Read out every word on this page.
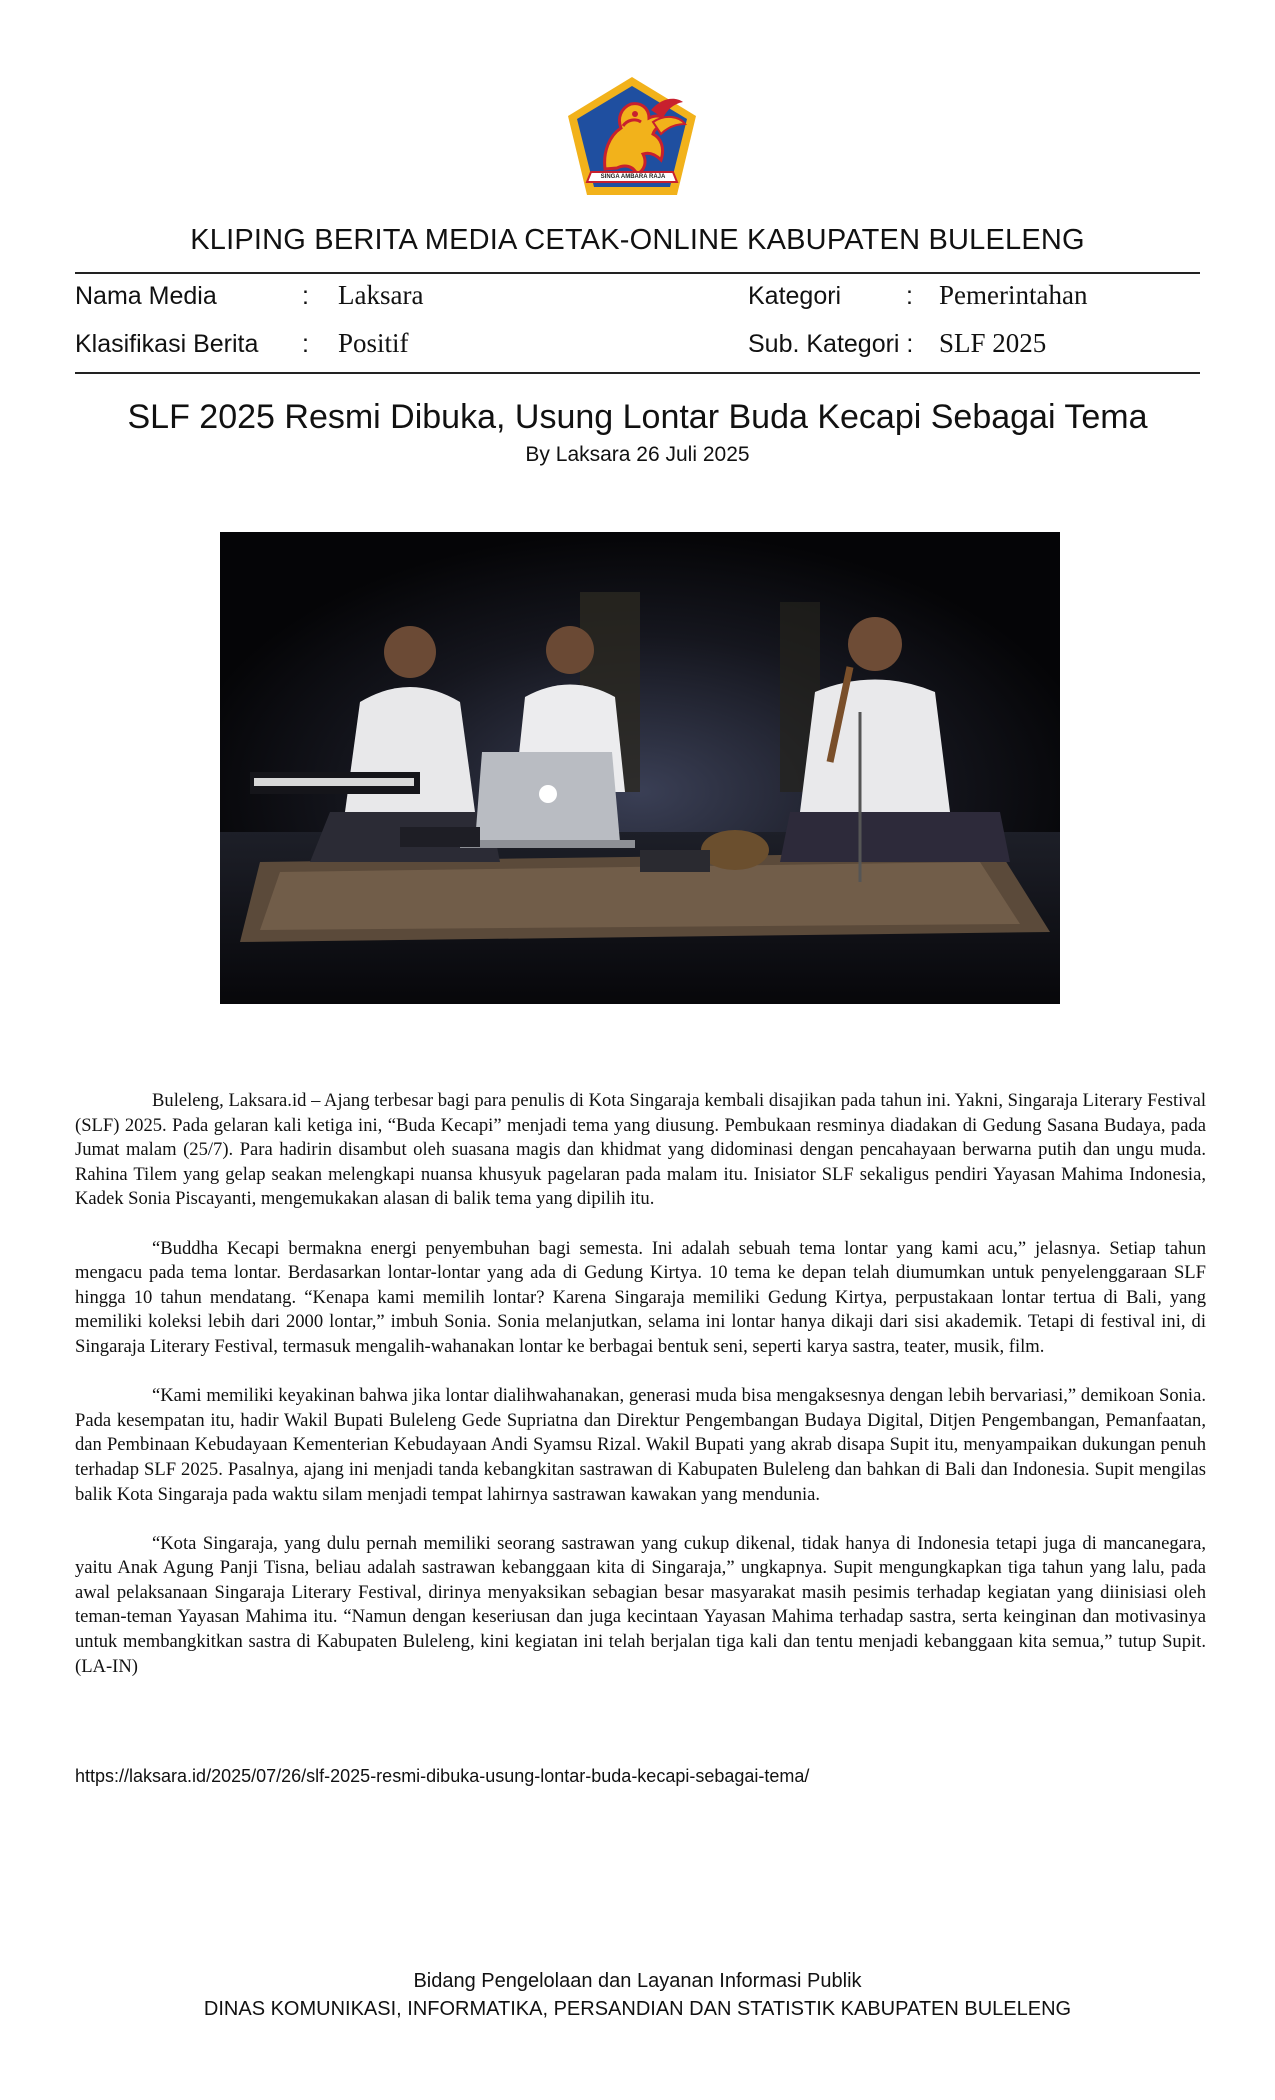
SINGA AMBARA RAJA
KLIPING BERITA MEDIA CETAK-ONLINE KABUPATEN BULELENG
Nama Media	: Laksara	Kategori	: Pemerintahan
Klasifikasi Berita : Positif	Sub. Kategori : SLF 2025
SLF 2025 Resmi Dibuka, Usung Lontar Buda Kecapi Sebagai Tema
By Laksara 26 Juli 2025

Buleleng, Laksara.id – Ajang terbesar bagi para penulis di Kota Singaraja kembali disajikan pada tahun ini. Yakni, Singaraja Literary Festival (SLF) 2025. Pada gelaran kali ketiga ini, “Buda Kecapi” menjadi tema yang diusung. Pembukaan resminya diadakan di Gedung Sasana Budaya, pada Jumat malam (25/7). Para hadirin disambut oleh suasana magis dan khidmat yang didominasi dengan pencahayaan berwarna putih dan ungu muda. Rahina Tilem yang gelap seakan melengkapi nuansa khusyuk pagelaran pada malam itu. Inisiator SLF sekaligus pendiri Yayasan Mahima Indonesia, Kadek Sonia Piscayanti, mengemukakan alasan di balik tema yang dipilih itu.

“Buddha Kecapi bermakna energi penyembuhan bagi semesta. Ini adalah sebuah tema lontar yang kami acu,” jelasnya. Setiap tahun mengacu pada tema lontar. Berdasarkan lontar-lontar yang ada di Gedung Kirtya. 10 tema ke depan telah diumumkan untuk penyelenggaraan SLF hingga 10 tahun mendatang. “Kenapa kami memilih lontar? Karena Singaraja memiliki Gedung Kirtya, perpustakaan lontar tertua di Bali, yang memiliki koleksi lebih dari 2000 lontar,” imbuh Sonia. Sonia melanjutkan, selama ini lontar hanya dikaji dari sisi akademik. Tetapi di festival ini, di Singaraja Literary Festival, termasuk mengalih-wahanakan lontar ke berbagai bentuk seni, seperti karya sastra, teater, musik, film.

“Kami memiliki keyakinan bahwa jika lontar dialihwahanakan, generasi muda bisa mengaksesnya dengan lebih bervariasi,” demikoan Sonia. Pada kesempatan itu, hadir Wakil Bupati Buleleng Gede Supriatna dan Direktur Pengembangan Budaya Digital, Ditjen Pengembangan, Pemanfaatan, dan Pembinaan Kebudayaan Kementerian Kebudayaan Andi Syamsu Rizal. Wakil Bupati yang akrab disapa Supit itu, menyampaikan dukungan penuh terhadap SLF 2025. Pasalnya, ajang ini menjadi tanda kebangkitan sastrawan di Kabupaten Buleleng dan bahkan di Bali dan Indonesia. Supit mengilas balik Kota Singaraja pada waktu silam menjadi tempat lahirnya sastrawan kawakan yang mendunia.

“Kota Singaraja, yang dulu pernah memiliki seorang sastrawan yang cukup dikenal, tidak hanya di Indonesia tetapi juga di mancanegara, yaitu Anak Agung Panji Tisna, beliau adalah sastrawan kebanggaan kita di Singaraja,” ungkapnya. Supit mengungkapkan tiga tahun yang lalu, pada awal pelaksanaan Singaraja Literary Festival, dirinya menyaksikan sebagian besar masyarakat masih pesimis terhadap kegiatan yang diinisiasi oleh teman-teman Yayasan Mahima itu. “Namun dengan keseriusan dan juga kecintaan Yayasan Mahima terhadap sastra, serta keinginan dan motivasinya untuk membangkitkan sastra di Kabupaten Buleleng, kini kegiatan ini telah berjalan tiga kali dan tentu menjadi kebanggaan kita semua,” tutup Supit. (LA-IN)

https://laksara.id/2025/07/26/slf-2025-resmi-dibuka-usung-lontar-buda-kecapi-sebagai-tema/
Bidang Pengelolaan dan Layanan Informasi Publik
DINAS KOMUNIKASI, INFORMATIKA, PERSANDIAN DAN STATISTIK KABUPATEN BULELENG
